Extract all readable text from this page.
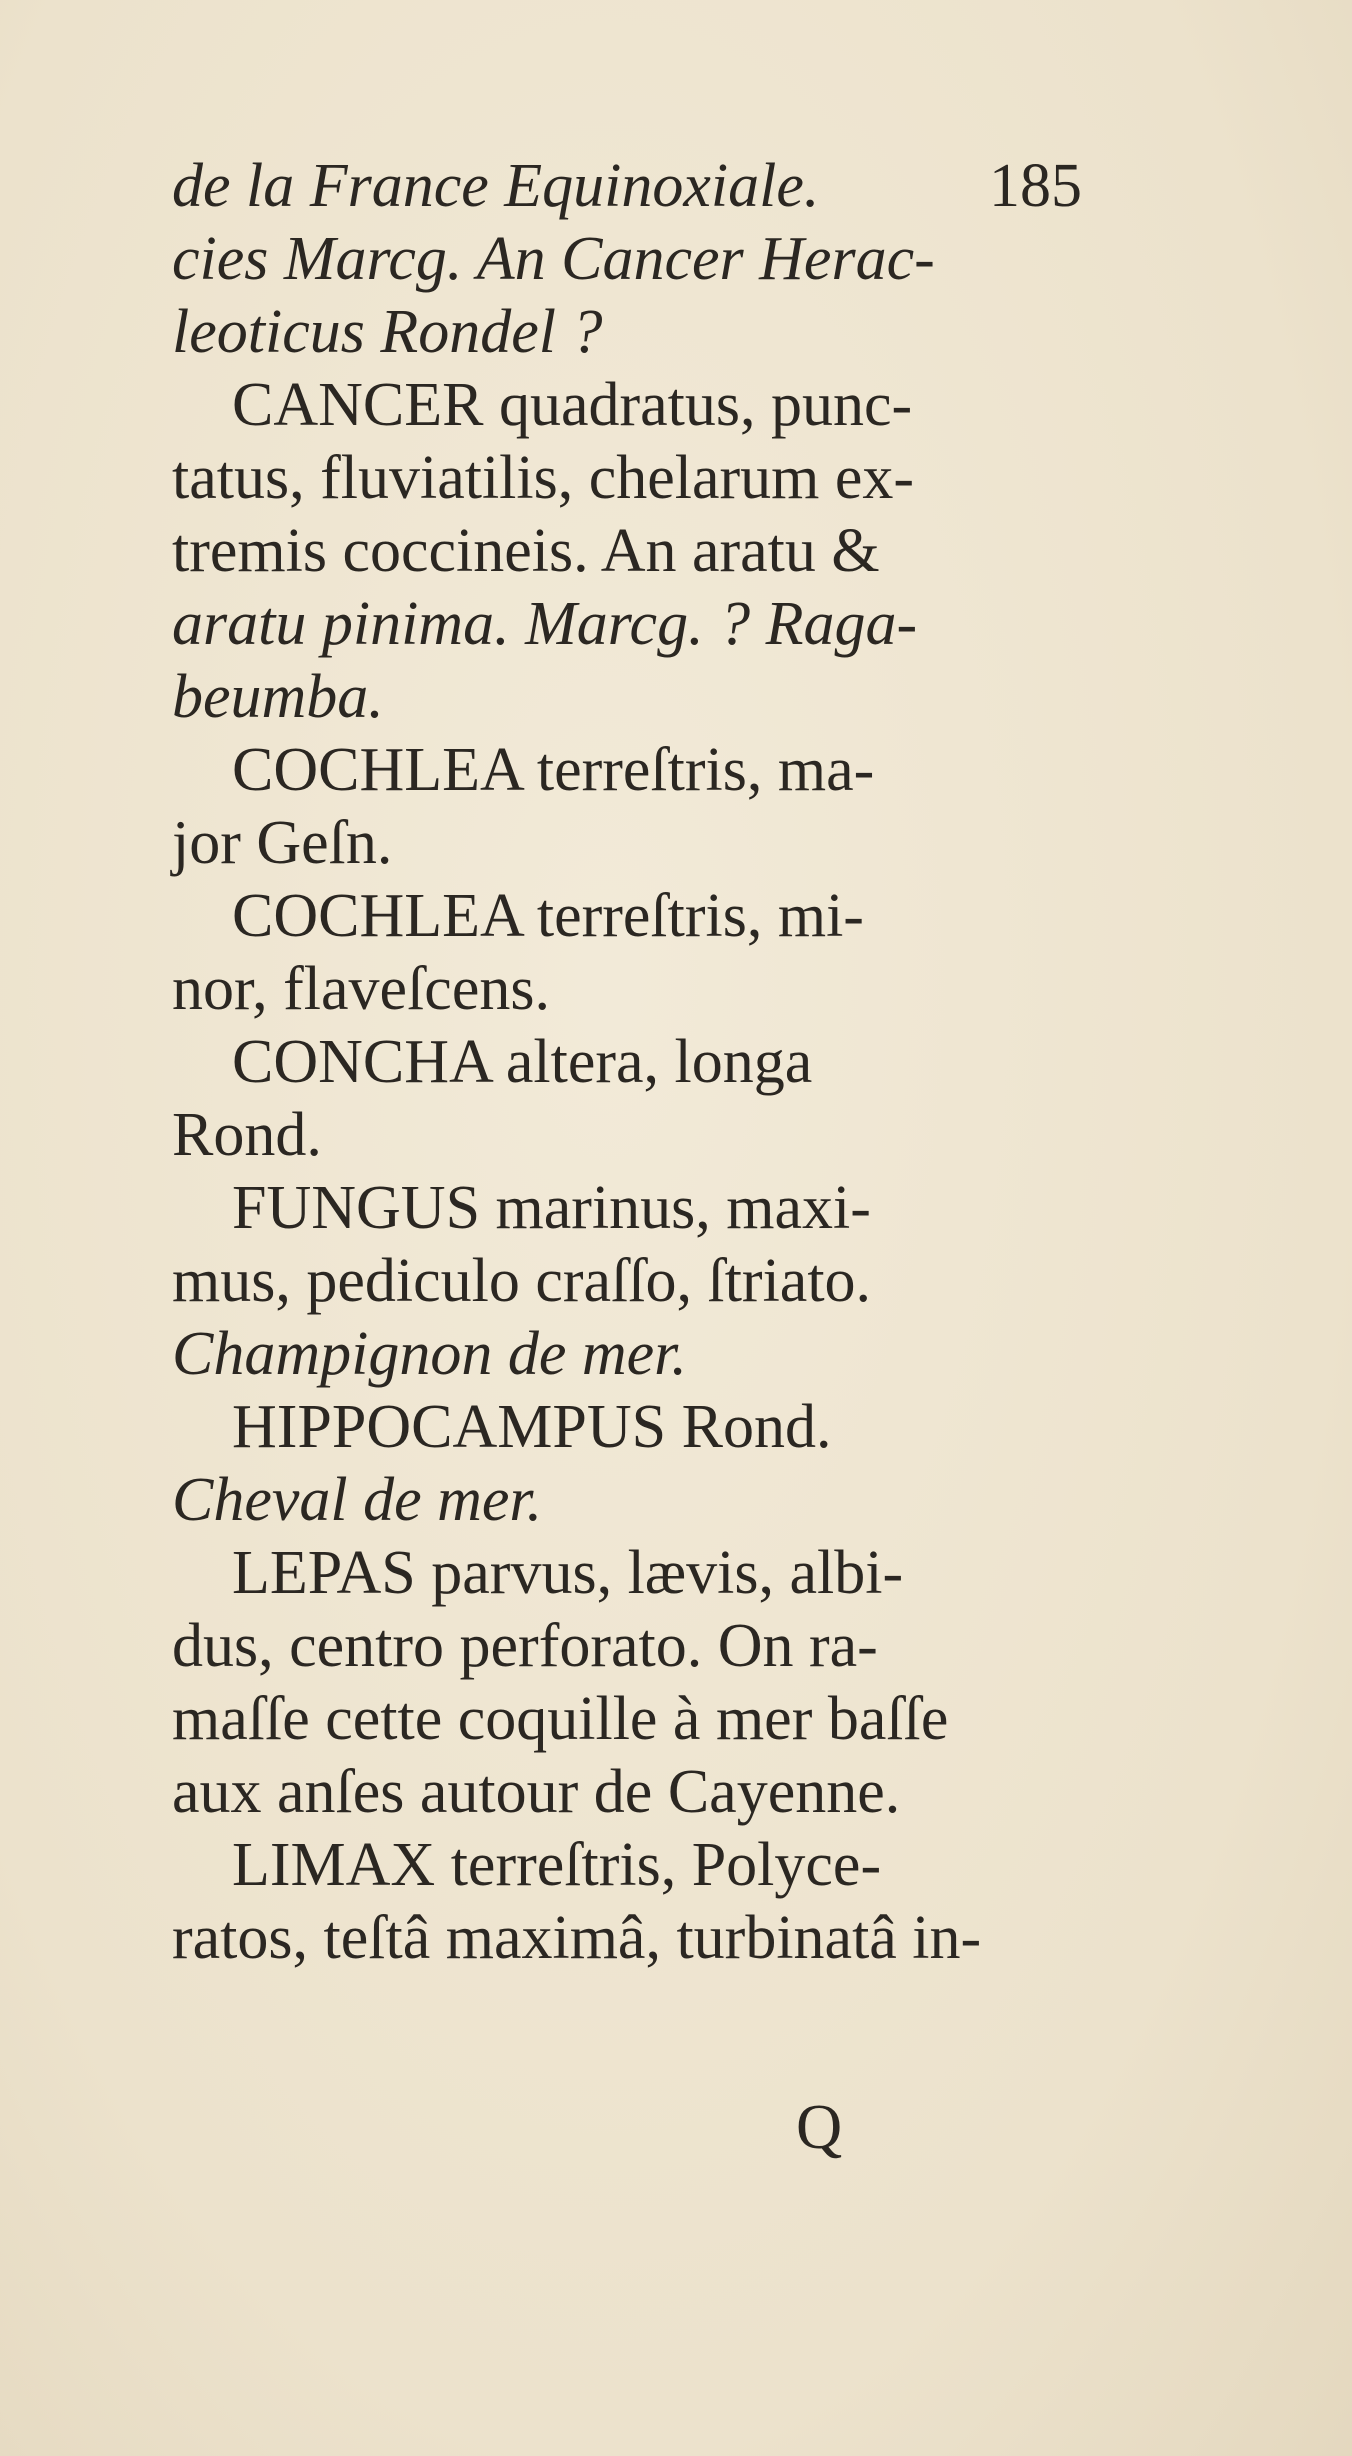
de la France Equinoxiale.	185
cies Marcg. An Cancer Herac-
leoticus Rondel ?
CANCER quadratus, punc-
tatus, fluviatilis, chelarum ex-
tremis coccineis. An aratu &
aratu pinima. Marcg. ? Raga-
beumba.
COCHLEA terreſtris, ma-
jor Geſn.
COCHLEA terreſtris, mi-
nor, flaveſcens.
CONCHA altera, longa
Rond.
FUNGUS marinus, maxi-
mus, pediculo craſſo, ſtriato.
Champignon de mer.
HIPPOCAMPUS Rond.
Cheval de mer.
LEPAS parvus, lævis, albi-
dus, centro perforato. On ra-
maſſe cette coquille à mer baſſe
aux anſes autour de Cayenne.
LIMAX terreſtris, Polyce-
ratos, teſtâ maximâ, turbinatâ in-
Q
